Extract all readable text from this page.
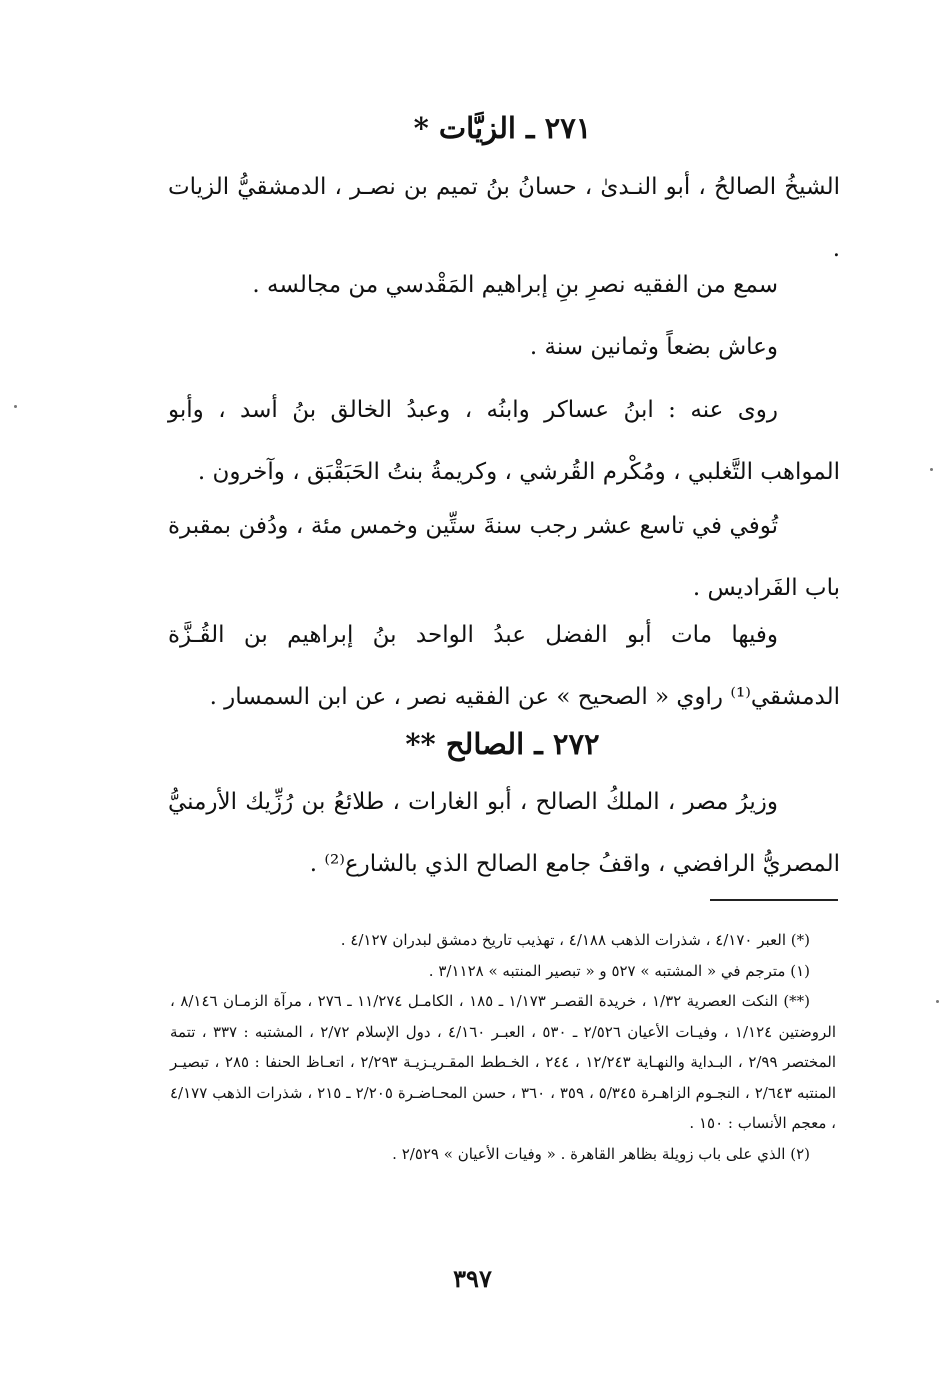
٢٧١ ـ الزيَّات *
الشيخُ الصالحُ ، أبو النـدىٰ ، حسانُ بنُ تميم بن نصـر ، الدمشقيُّ الزيات .
سمع من الفقيه نصرِ بنِ إبراهيم المَقْدسي من مجالسه .
وعاش بضعاً وثمانين سنة .
روى عنه : ابنُ عساكر وابنُه ، وعبدُ الخالق بنُ أسد ، وأبو المواهب التَّغلبي ، ومُكْرم القُرشي ، وكريمةُ بنتُ الحَبَقْبَق ، وآخرون .
تُوفي في تاسع عشر رجب سنةَ ستِّين وخمس مئة ، ودُفن بمقبرة باب الفَراديس .
وفيها مات أبو الفضل عبدُ الواحد بنُ إبراهيم بن القُـزَّة الدمشقي⁽¹⁾ راوي « الصحيح » عن الفقيه نصر ، عن ابن السمسار .
٢٧٢ ـ الصالح **
وزيرُ مصر ، الملكُ الصالح ، أبو الغارات ، طلائعُ بن رُزِّيك الأرمنيُّ المصريُّ الرافضي ، واقفُ جامع الصالح الذي بالشارع⁽²⁾ .

(*) العبر ٤/١٧٠ ، شذرات الذهب ٤/١٨٨ ، تهذيب تاريخ دمشق لبدران ٤/١٢٧ .

(١) مترجم في « المشتبه » ٥٢٧ و « تبصير المنتبه » ٣/١١٢٨ .

(**) النكت العصرية ١/٣٢ ، خريدة القصـر ١/١٧٣ ـ ١٨٥ ، الكامـل ١١/٢٧٤ ـ ٢٧٦ ، مرآة الزمـان ٨/١٤٦ ، الروضتين ١/١٢٤ ، وفيـات الأعيان ٢/٥٢٦ ـ ٥٣٠ ، العبـر ٤/١٦٠ ، دول الإسلام ٢/٧٢ ، المشتبه : ٣٣٧ ، تتمة المختصر ٢/٩٩ ، البـداية والنهـاية ١٢/٢٤٣ ، ٢٤٤ ، الخـطط المقـريـزيـة ٢/٢٩٣ ، اتعـاظ الحنفا : ٢٨٥ ، تبصيـر المنتبه ٢/٦٤٣ ، النجـوم الزاهـرة ٥/٣٤٥ ، ٣٥٩ ، ٣٦٠ ، حسن المحـاضـرة ٢/٢٠٥ ـ ٢١٥ ، شذرات الذهب ٤/١٧٧ ، معجم الأنساب : ١٥٠ .

(٢) الذي على باب زويلة بظاهر القاهرة . « وفيات الأعيان » ٢/٥٢٩ .

٣٩٧
